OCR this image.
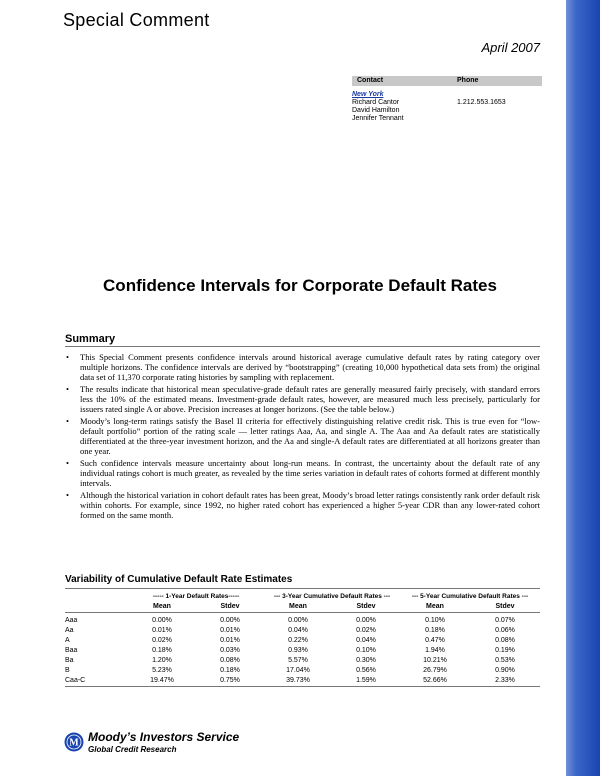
Special Comment
April 2007
Contact	Phone
New York
Richard Cantor	1.212.553.1653
David Hamilton
Jennifer Tennant
Confidence Intervals for Corporate Default Rates
Summary
• This Special Comment presents confidence intervals around historical average cumulative default rates by rating category over multiple horizons. The confidence intervals are derived by “bootstrapping” (creating 10,000 hypothetical data sets from) the original data set of 11,370 corporate rating histories by sampling with replacement.
• The results indicate that historical mean speculative-grade default rates are generally measured fairly precisely, with standard errors less the 10% of the estimated means. Investment-grade default rates, however, are measured much less precisely, particularly for issuers rated single A or above. Precision increases at longer horizons. (See the table below.)
• Moody’s long-term ratings satisfy the Basel II criteria for effectively distinguishing relative credit risk. This is true even for “low-default portfolio” portion of the rating scale — letter ratings Aaa, Aa, and single A. The Aaa and Aa default rates are statistically differentiated at the three-year investment horizon, and the Aa and single-A default rates are differentiated at all horizons greater than one year.
• Such confidence intervals measure uncertainty about long-run means. In contrast, the uncertainty about the default rate of any individual ratings cohort is much greater, as revealed by the time series variation in default rates of cohorts formed at different monthly intervals.
• Although the historical variation in cohort default rates has been great, Moody’s broad letter ratings consistently rank order default risk within cohorts. For example, since 1992, no higher rated cohort has experienced a higher 5-year CDR than any lower-rated cohort formed on the same month.
Variability of Cumulative Default Rate Estimates
	----- 1-Year Default Rates-----		--- 3-Year Cumulative Default Rates ---		--- 5-Year Cumulative Default Rates ---	
	Mean	Stdev	Mean	Stdev	Mean	Stdev
Aaa	0.00%	0.00%	0.00%	0.00%	0.10%	0.07%
Aa	0.01%	0.01%	0.04%	0.02%	0.18%	0.06%
A	0.02%	0.01%	0.22%	0.04%	0.47%	0.08%
Baa	0.18%	0.03%	0.93%	0.10%	1.94%	0.19%
Ba	1.20%	0.08%	5.57%	0.30%	10.21%	0.53%
B	5.23%	0.18%	17.04%	0.56%	26.79%	0.90%
Caa-C	19.47%	0.75%	39.73%	1.59%	52.66%	2.33%

M Moody’s Investors Service
Global Credit Research
